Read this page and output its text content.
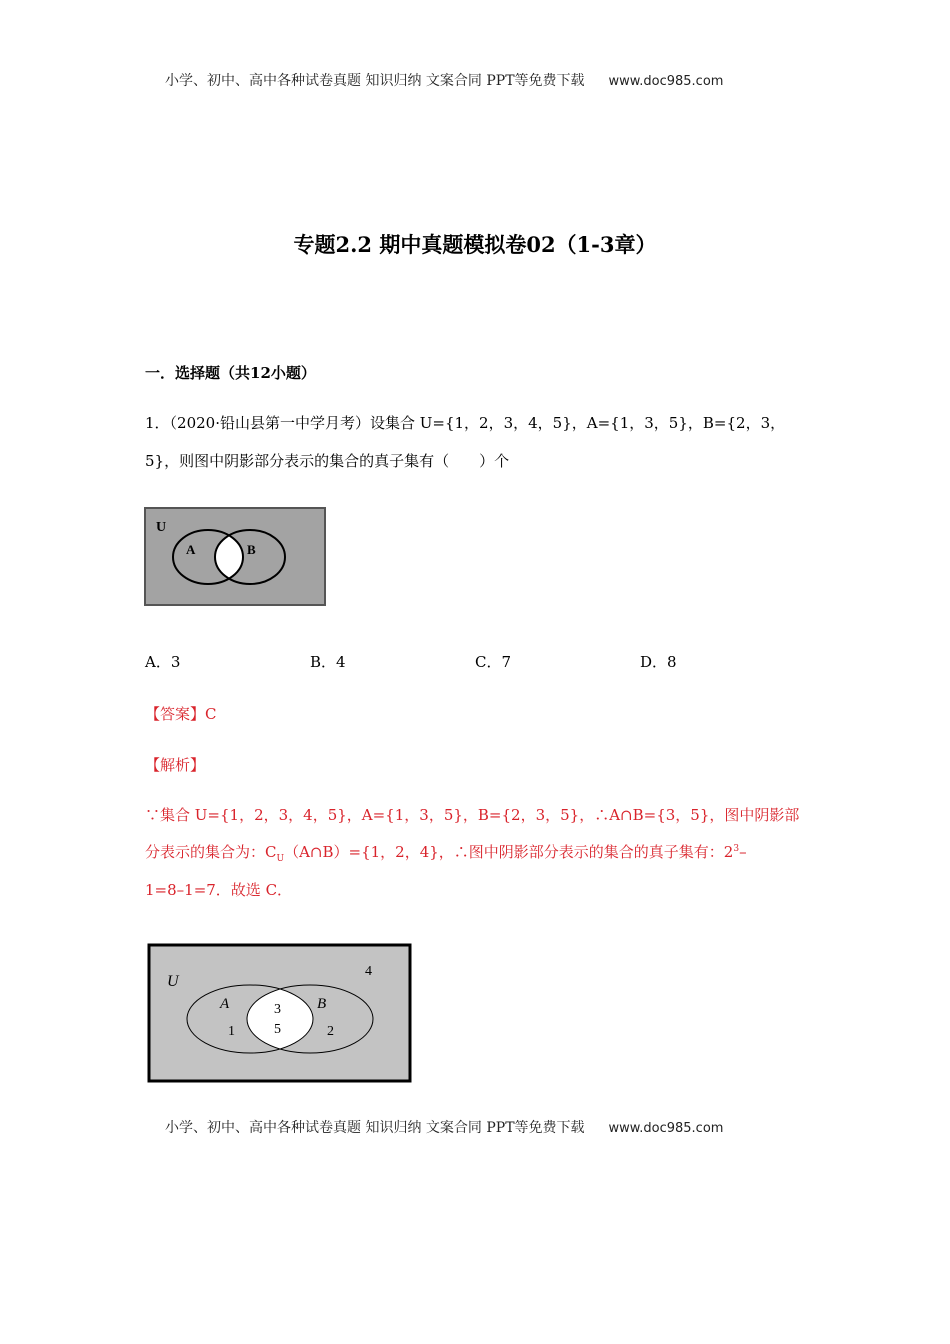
小学、初中、高中各种试卷真题 知识归纳 文案合同 PPT等免费下载 www.doc985.com
专题2.2 期中真题模拟卷02（1-3章）
一．选择题（共12小题）
1．（2020·铅山县第一中学月考）设集合 U={1，2，3，4，5}，A={1，3，5}，B={2，3，
5}，则图中阴影部分表示的集合的真子集有（　　）个
U
A	B
A．3	B．4	C．7	D．8
【答案】C
【解析】
∵集合 U={1，2，3，4，5}，A={1，3，5}，B={2，3，5}，∴A∩B={3，5}，图中阴影部
分表示的集合为：$C_U(A\cap B)=\{1$，2，4}，∴图中阴影部分表示的集合的真子集有：$2^3-$
1=8–1=7．故选 C．
U
4
A
1
3
5
B
2
小学、初中、高中各种试卷真题 知识归纳 文案合同 PPT等免费下载 www.doc985.com
